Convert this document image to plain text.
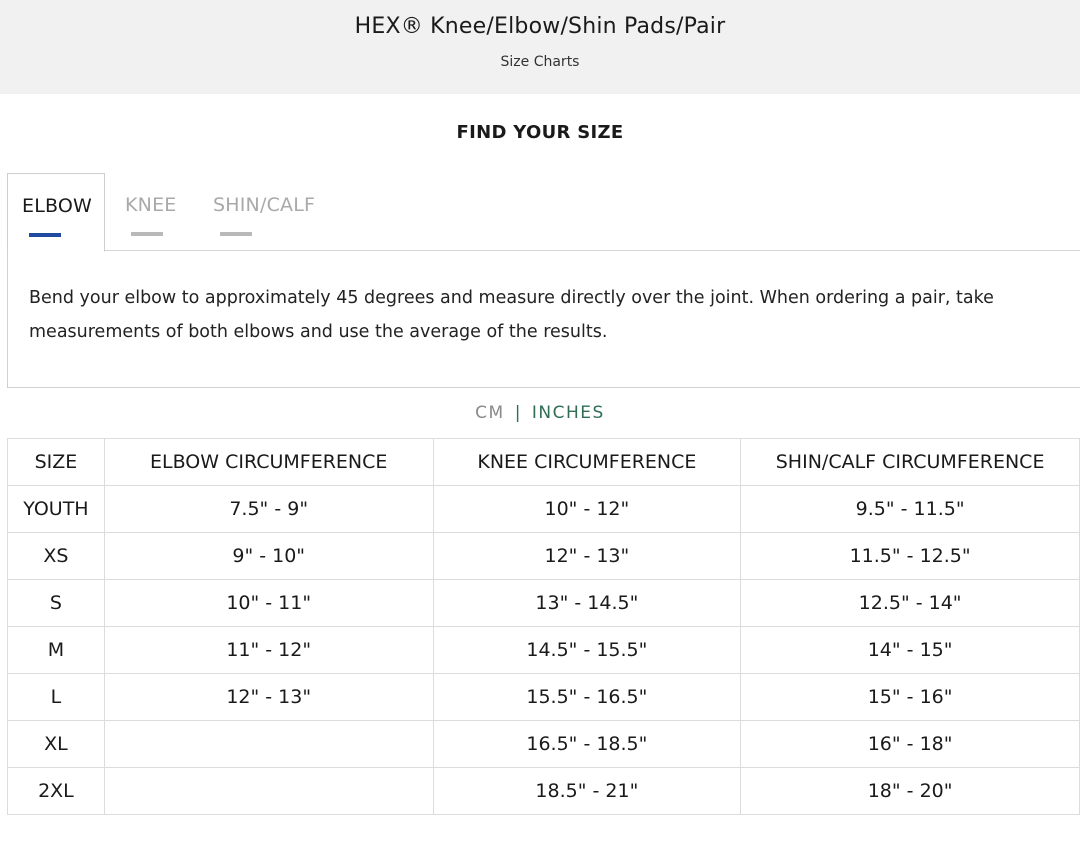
HEX® Knee/Elbow/Shin Pads/Pair
Size Charts
FIND YOUR SIZE
ELBOW KNEE SHIN/CALF
Bend your elbow to approximately 45 degrees and measure directly over the joint. When ordering a pair, take
measurements of both elbows and use the average of the results.
CM | INCHES
SIZE	ELBOW CIRCUMFERENCE	KNEE CIRCUMFERENCE	SHIN/CALF CIRCUMFERENCE
YOUTH	7.5" - 9"	10" - 12"	9.5" - 11.5"
XS	9" - 10"	12" - 13"	11.5" - 12.5"
S	10" - 11"	13" - 14.5"	12.5" - 14"
M	11" - 12"	14.5" - 15.5"	14" - 15"
L	12" - 13"	15.5" - 16.5"	15" - 16"
XL		16.5" - 18.5"	16" - 18"
2XL		18.5" - 21"	18" - 20"
